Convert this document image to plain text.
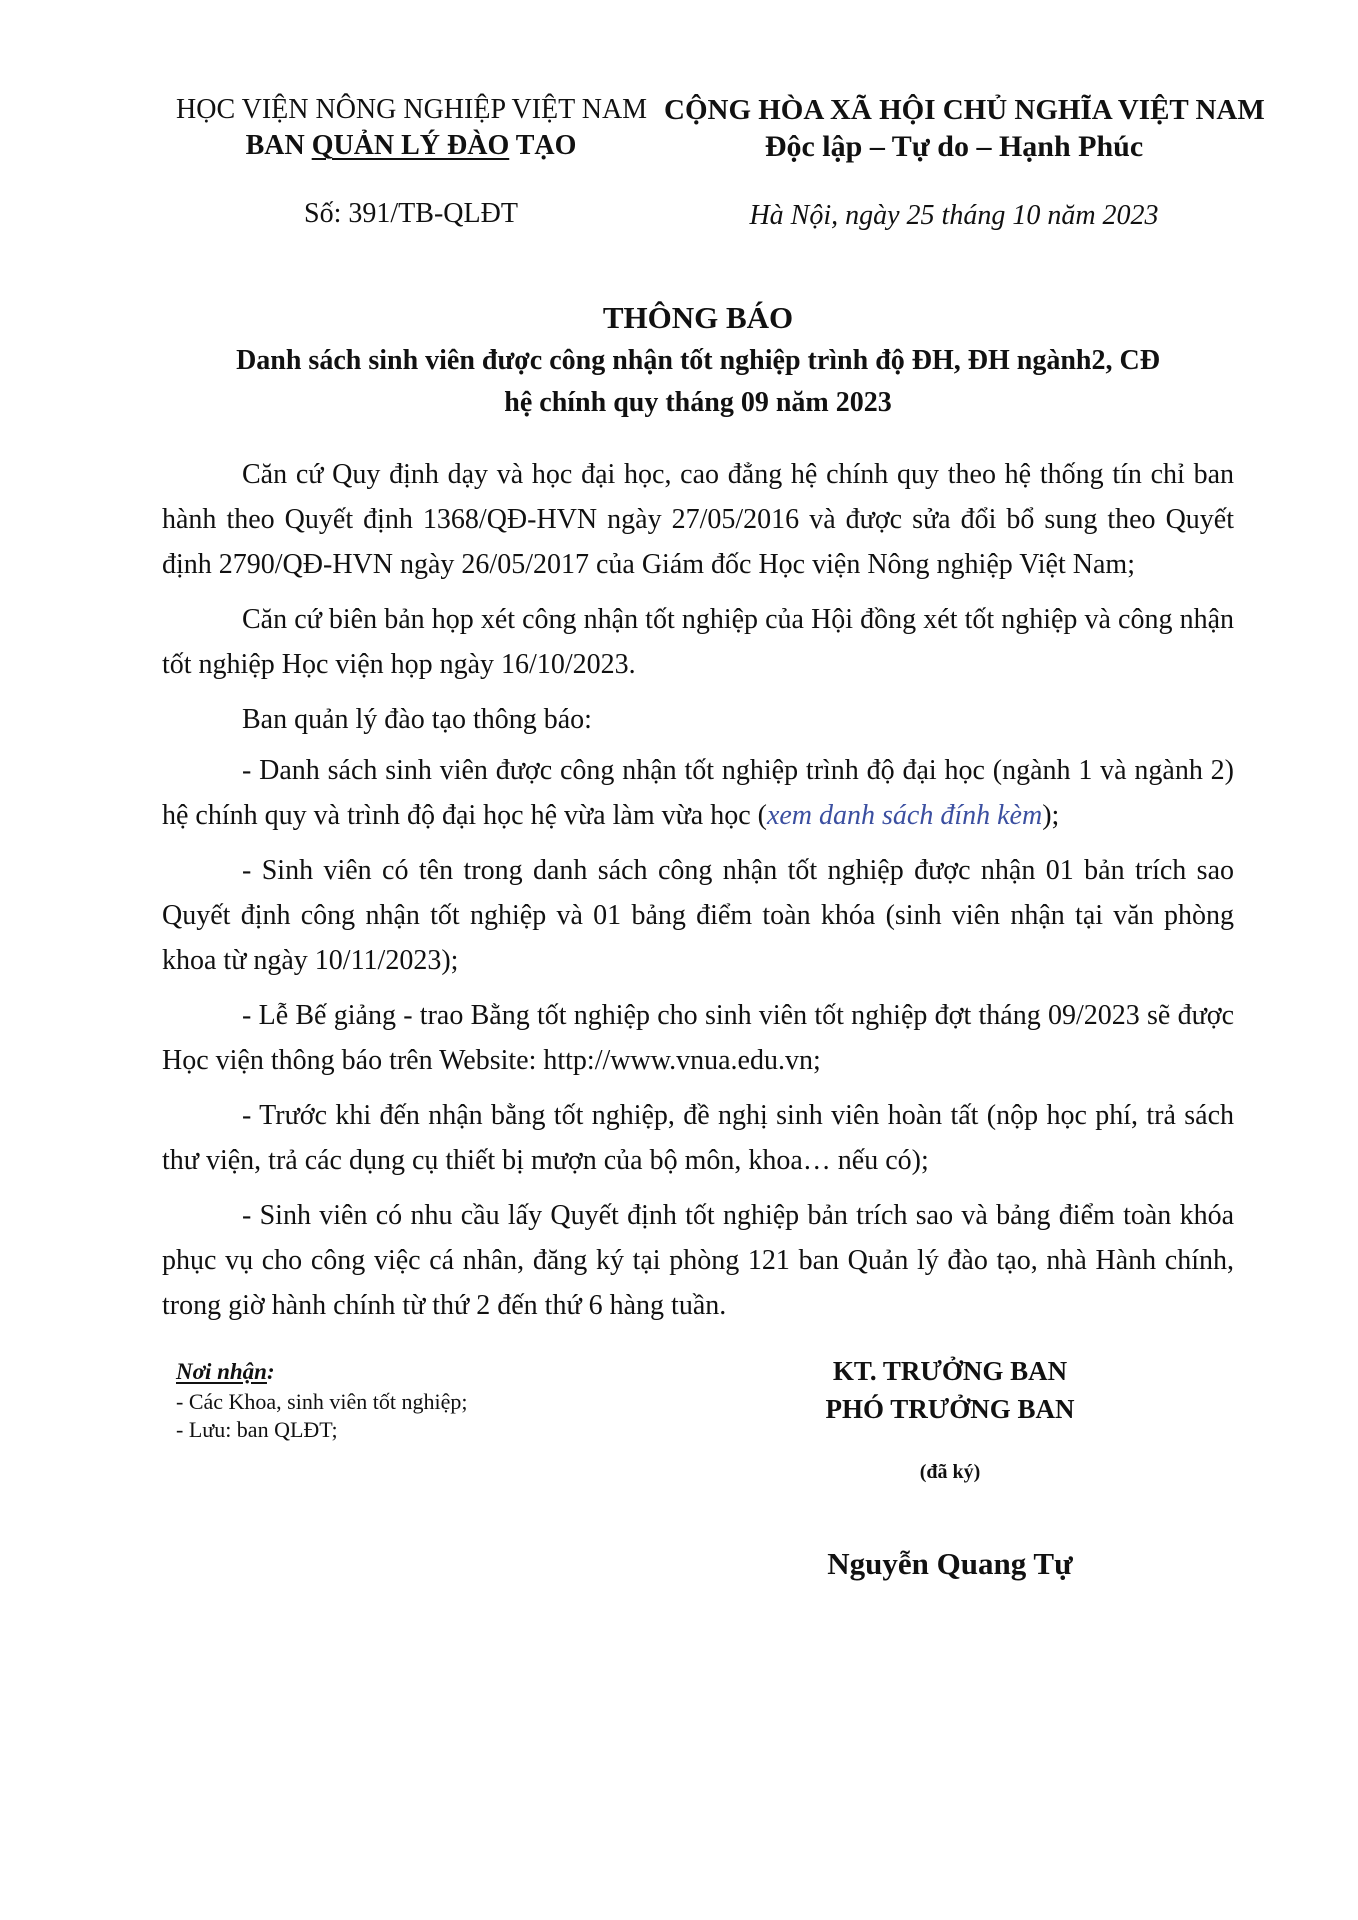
HỌC VIỆN NÔNG NGHIỆP VIỆT NAM
BAN QUẢN LÝ ĐÀO TẠO
CỘNG HÒA XÃ HỘI CHỦ NGHĨA VIỆT NAM
Độc lập – Tự do – Hạnh Phúc
Số: 391/TB-QLĐT	Hà Nội, ngày 25 tháng 10 năm 2023
THÔNG BÁO
Danh sách sinh viên được công nhận tốt nghiệp trình độ ĐH, ĐH ngành2, CĐ
hệ chính quy tháng 09 năm 2023

Căn cứ Quy định dạy và học đại học, cao đẳng hệ chính quy theo hệ thống tín chỉ ban hành theo Quyết định 1368/QĐ-HVN ngày 27/05/2016 và được sửa đổi bổ sung theo Quyết định 2790/QĐ-HVN ngày 26/05/2017 của Giám đốc Học viện Nông nghiệp Việt Nam;

Căn cứ biên bản họp xét công nhận tốt nghiệp của Hội đồng xét tốt nghiệp và công nhận tốt nghiệp Học viện họp ngày 16/10/2023.

Ban quản lý đào tạo thông báo:

- Danh sách sinh viên được công nhận tốt nghiệp trình độ đại học (ngành 1 và ngành 2) hệ chính quy và trình độ đại học hệ vừa làm vừa học (xem danh sách đính kèm);

- Sinh viên có tên trong danh sách công nhận tốt nghiệp được nhận 01 bản trích sao Quyết định công nhận tốt nghiệp và 01 bảng điểm toàn khóa (sinh viên nhận tại văn phòng khoa từ ngày 10/11/2023);

- Lễ Bế giảng - trao Bằng tốt nghiệp cho sinh viên tốt nghiệp đợt tháng 09/2023 sẽ được Học viện thông báo trên Website: http://www.vnua.edu.vn;

- Trước khi đến nhận bằng tốt nghiệp, đề nghị sinh viên hoàn tất (nộp học phí, trả sách thư viện, trả các dụng cụ thiết bị mượn của bộ môn, khoa… nếu có);

- Sinh viên có nhu cầu lấy Quyết định tốt nghiệp bản trích sao và bảng điểm toàn khóa phục vụ cho công việc cá nhân, đăng ký tại phòng 121 ban Quản lý đào tạo, nhà Hành chính, trong giờ hành chính từ thứ 2 đến thứ 6 hàng tuần.

Nơi nhận:
- Các Khoa, sinh viên tốt nghiệp;
- Lưu: ban QLĐT;
KT. TRƯỞNG BAN
PHÓ TRƯỞNG BAN
(đã ký)
Nguyễn Quang Tự
